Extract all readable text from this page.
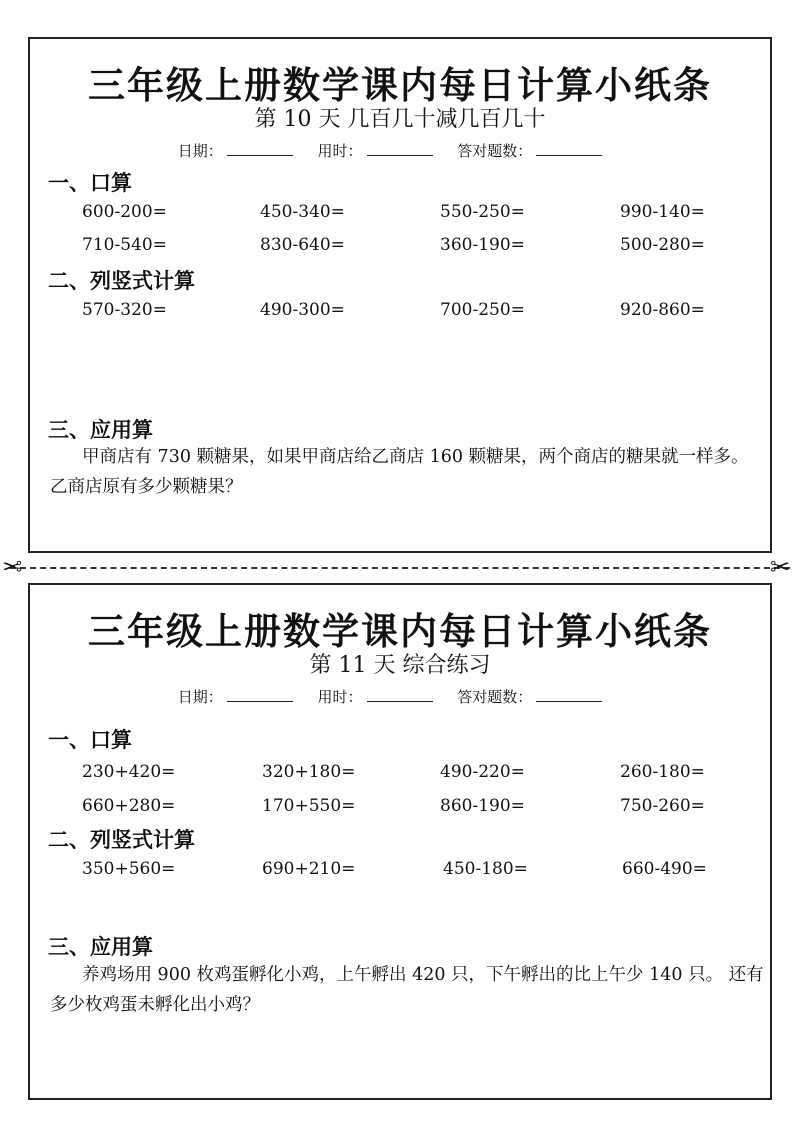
三年级上册数学课内每日计算小纸条
第 10 天 几百几十减几百几十
日期：	用时：	答对题数：
一、口算
600-200=	450-340=	550-250=	990-140=
710-540=	830-640=	360-190=	500-280=
二、列竖式计算
570-320=	490-300=	700-250=	920-860=
三、应用算
甲商店有 730 颗糖果，如果甲商店给乙商店 160 颗糖果，两个商店的糖果就一样多。乙商店原有多少颗糖果？
✂	✂
三年级上册数学课内每日计算小纸条
第 11 天 综合练习
日期：	用时：	答对题数：
一、口算
230+420=	320+180=	490-220=	260-180=
660+280=	170+550=	860-190=	750-260=
二、列竖式计算
350+560=	690+210=	450-180=	660-490=
三、应用算
养鸡场用 900 枚鸡蛋孵化小鸡，上午孵出 420 只，下午孵出的比上午少 140 只。 还有多少枚鸡蛋未孵化出小鸡？
